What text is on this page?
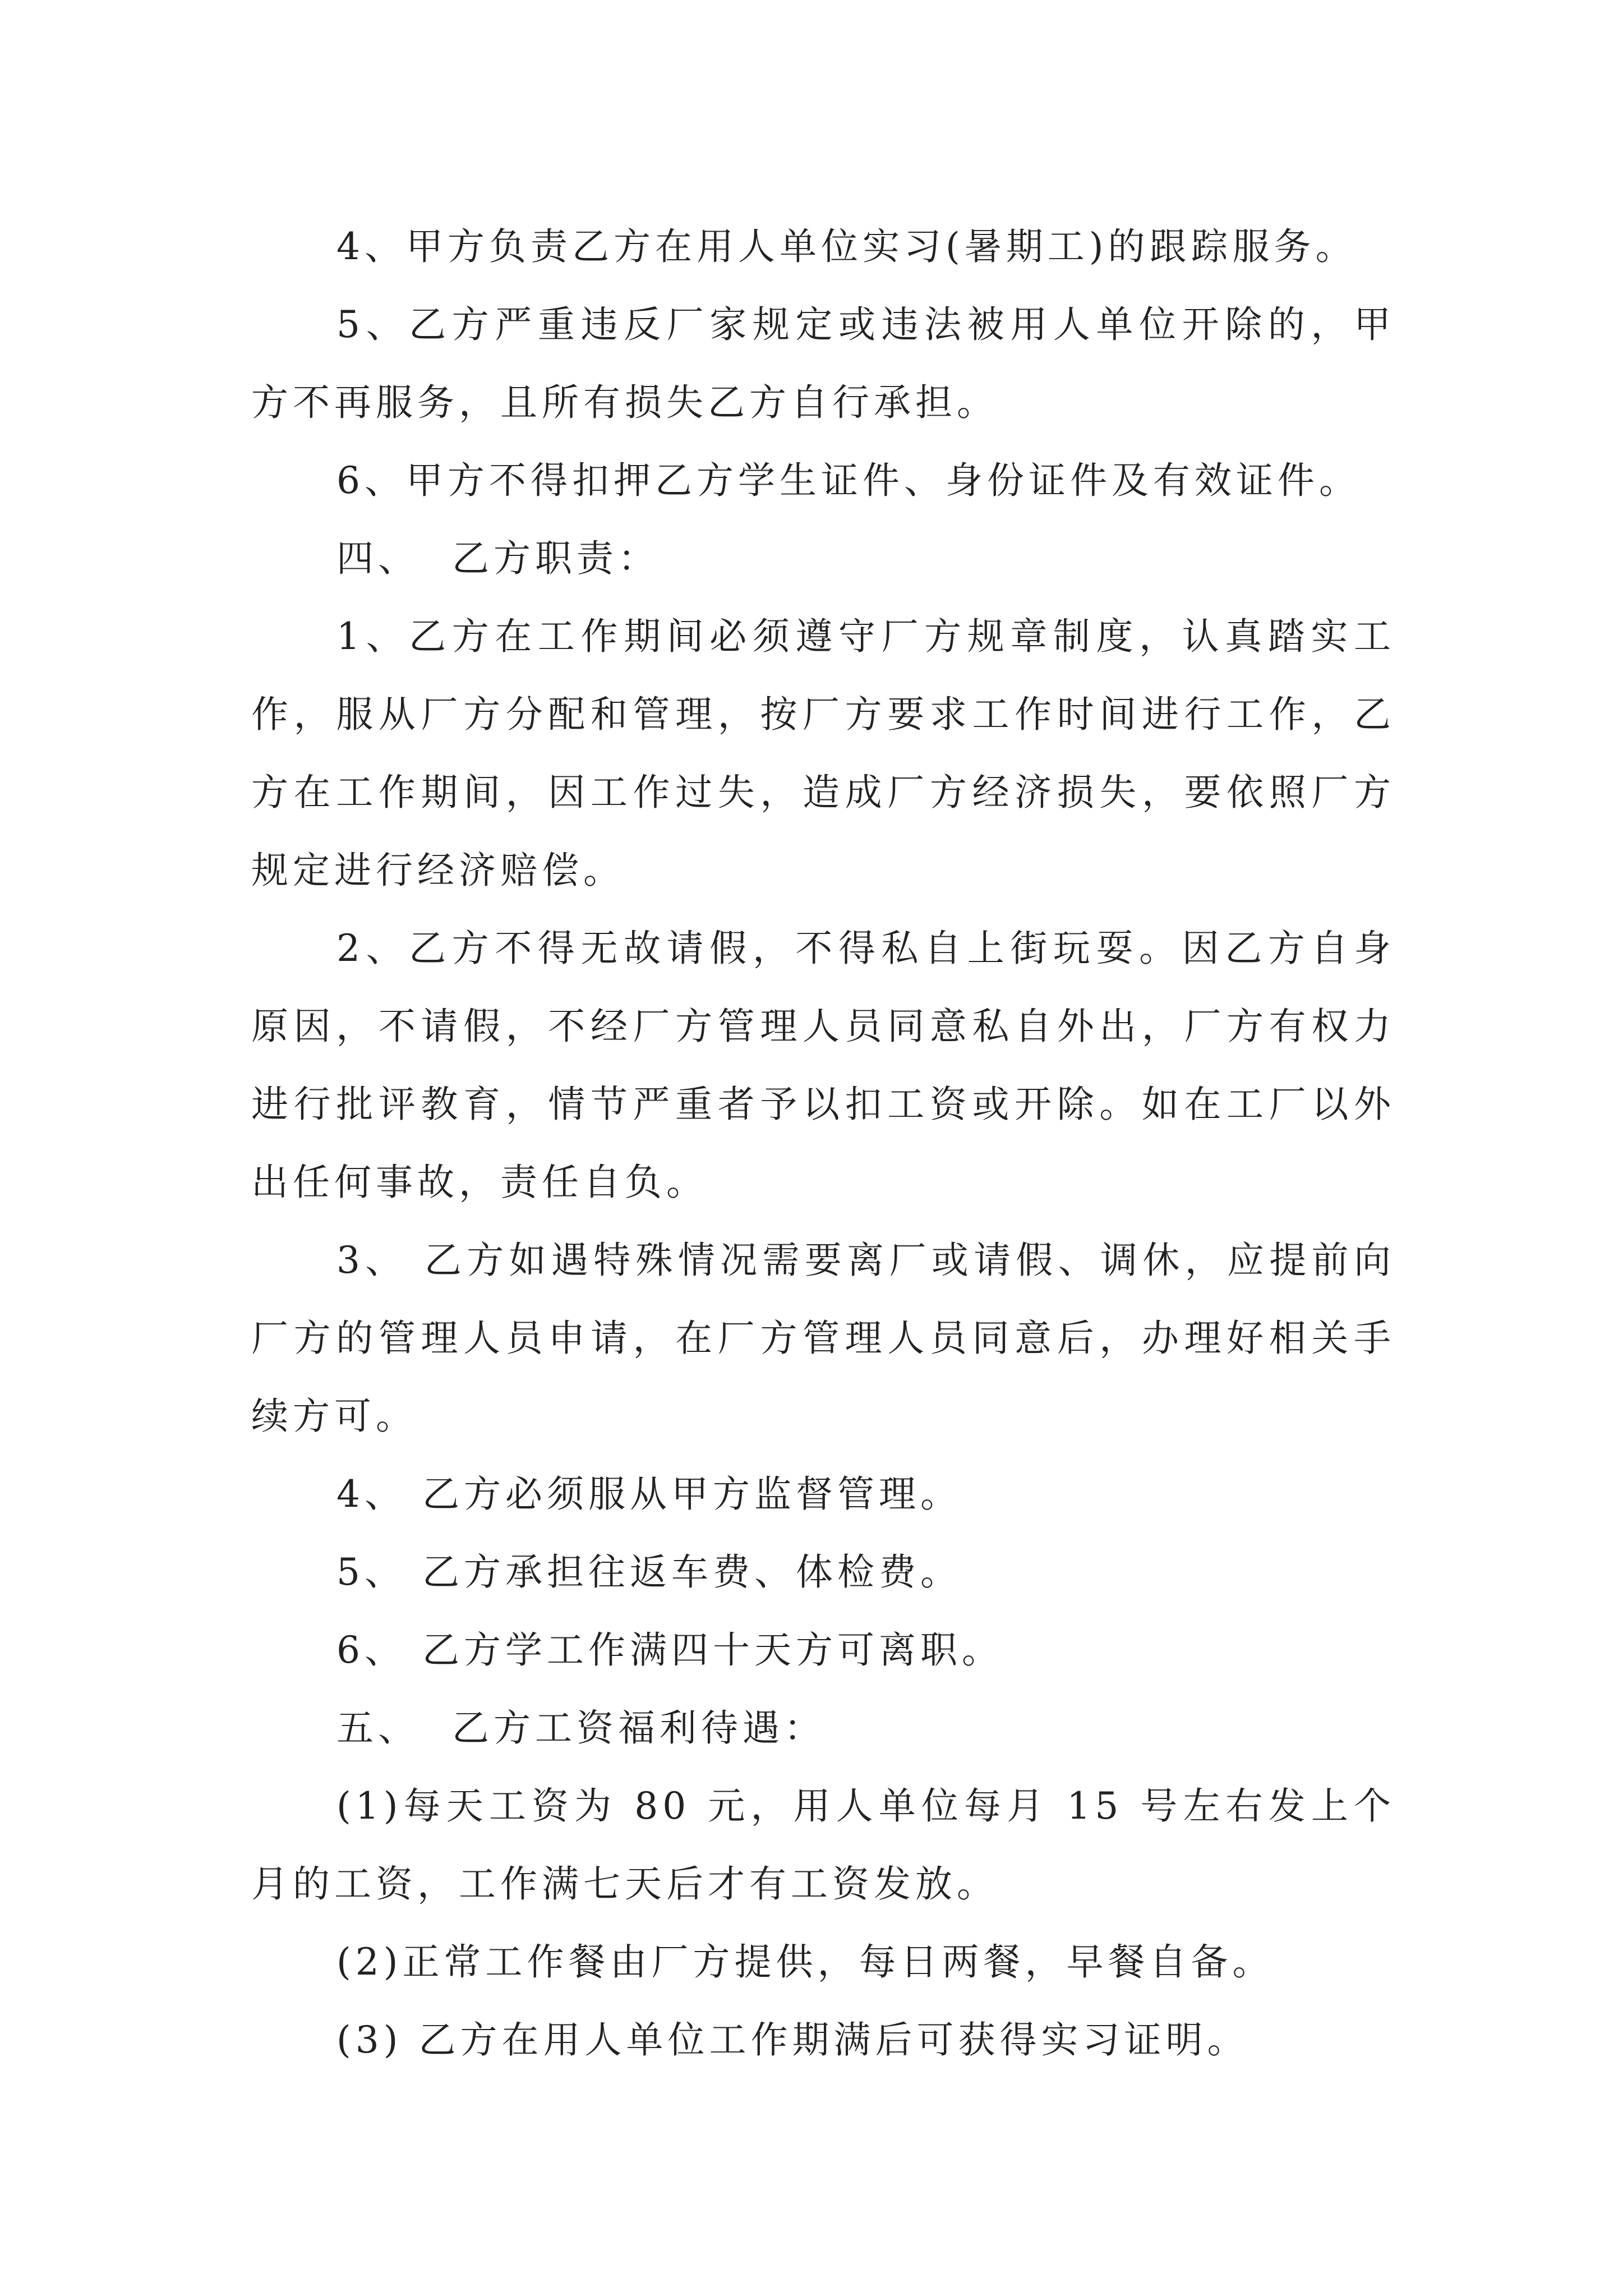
4、甲方负责乙方在用人单位实习(暑期工)的跟踪服务。

5、乙方严重违反厂家规定或违法被用人单位开除的，甲方不再服务，且所有损失乙方自行承担。

6、甲方不得扣押乙方学生证件、身份证件及有效证件。

四、  乙方职责：

1、乙方在工作期间必须遵守厂方规章制度，认真踏实工作，服从厂方分配和管理，按厂方要求工作时间进行工作，乙方在工作期间，因工作过失，造成厂方经济损失，要依照厂方规定进行经济赔偿。

2、乙方不得无故请假，不得私自上街玩耍。因乙方自身原因，不请假，不经厂方管理人员同意私自外出，厂方有权力进行批评教育，情节严重者予以扣工资或开除。如在工厂以外出任何事故，责任自负。

3、 乙方如遇特殊情况需要离厂或请假、调休，应提前向厂方的管理人员申请，在厂方管理人员同意后，办理好相关手续方可。

4、 乙方必须服从甲方监督管理。

5、 乙方承担往返车费、体检费。

6、 乙方学工作满四十天方可离职。

五、  乙方工资福利待遇：

(1)每天工资为 80 元，用人单位每月 15 号左右发上个月的工资，工作满七天后才有工资发放。

(2)正常工作餐由厂方提供，每日两餐，早餐自备。

(3) 乙方在用人单位工作期满后可获得实习证明。
